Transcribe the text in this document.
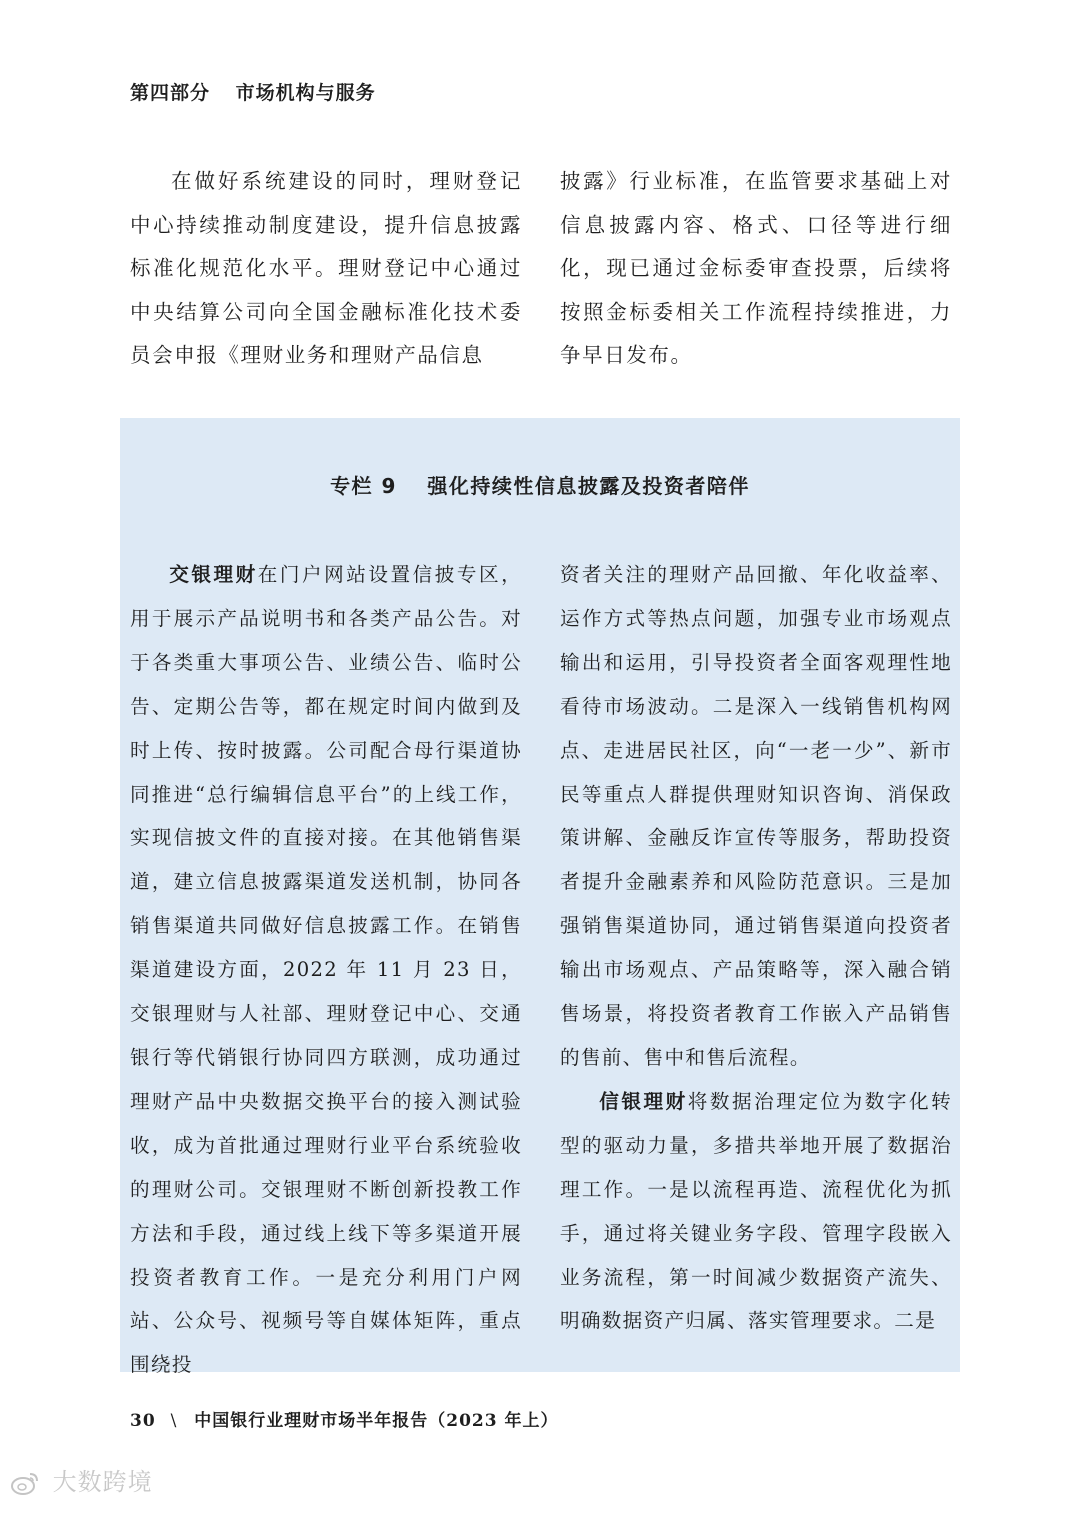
第四部分 市场机构与服务

在做好系统建设的同时，理财登记中心持续推动制度建设，提升信息披露标准化规范化水平。理财登记中心通过中央结算公司向全国金融标准化技术委员会申报《理财业务和理财产品信息

披露》行业标准，在监管要求基础上对信息披露内容、格式、口径等进行细化，现已通过金标委审查投票，后续将按照金标委相关工作流程持续推进，力争早日发布。

专栏 9 强化持续性信息披露及投资者陪伴

交银理财在门户网站设置信披专区，用于展示产品说明书和各类产品公告。对于各类重大事项公告、业绩公告、临时公告、定期公告等，都在规定时间内做到及时上传、按时披露。公司配合母行渠道协同推进“总行编辑信息平台”的上线工作，实现信披文件的直接对接。在其他销售渠道，建立信息披露渠道发送机制，协同各销售渠道共同做好信息披露工作。在销售渠道建设方面，2022 年 11 月 23 日，交银理财与人社部、理财登记中心、交通银行等代销银行协同四方联测，成功通过理财产品中央数据交换平台的接入测试验收，成为首批通过理财行业平台系统验收的理财公司。交银理财不断创新投教工作方法和手段，通过线上线下等多渠道开展投资者教育工作。一是充分利用门户网站、公众号、视频号等自媒体矩阵，重点围绕投

资者关注的理财产品回撤、年化收益率、运作方式等热点问题，加强专业市场观点输出和运用，引导投资者全面客观理性地看待市场波动。二是深入一线销售机构网点、走进居民社区，向“一老一少”、新市民等重点人群提供理财知识咨询、消保政策讲解、金融反诈宣传等服务，帮助投资者提升金融素养和风险防范意识。三是加强销售渠道协同，通过销售渠道向投资者输出市场观点、产品策略等，深入融合销售场景，将投资者教育工作嵌入产品销售的售前、售中和售后流程。

信银理财将数据治理定位为数字化转型的驱动力量，多措共举地开展了数据治理工作。一是以流程再造、流程优化为抓手，通过将关键业务字段、管理字段嵌入业务流程，第一时间减少数据资产流失、明确数据资产归属、落实管理要求。二是

30 \ 中国银行业理财市场半年报告（2023 年上）
大数跨境
